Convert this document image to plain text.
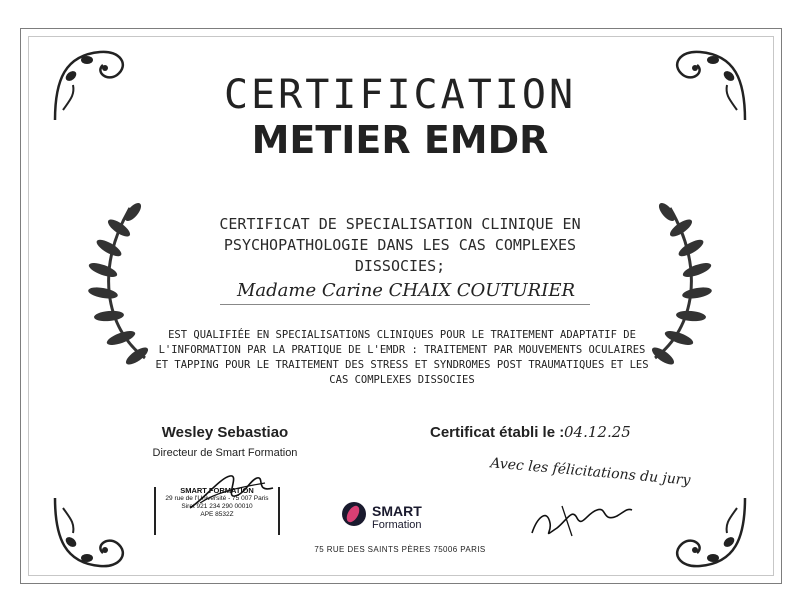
CERTIFICATION
METIER EMDR
CERTIFICAT DE SPECIALISATION CLINIQUE EN PSYCHOPATHOLOGIE DANS LES CAS COMPLEXES DISSOCIES;
Madame Carine CHAIX COUTURIER
EST QUALIFIÉE EN SPECIALISATIONS CLINIQUES POUR LE TRAITEMENT ADAPTATIF DE L'INFORMATION PAR LA PRATIQUE DE L'EMDR : TRAITEMENT PAR MOUVEMENTS OCULAIRES ET TAPPING POUR LE TRAITEMENT DES STRESS ET SYNDROMES POST TRAUMATIQUES ET LES CAS COMPLEXES DISSOCIES
Wesley Sebastiao
Directeur de Smart Formation
Certificat établi le : 04.12.25
SMART FORMATION
29 rue de l'Université - 75 007 Paris
Siret 921 234 290 00010
APE 8532Z	SMART
Formation
75 RUE DES SAINTS PÈRES 75006 PARIS
Avec les félicitations du jury
